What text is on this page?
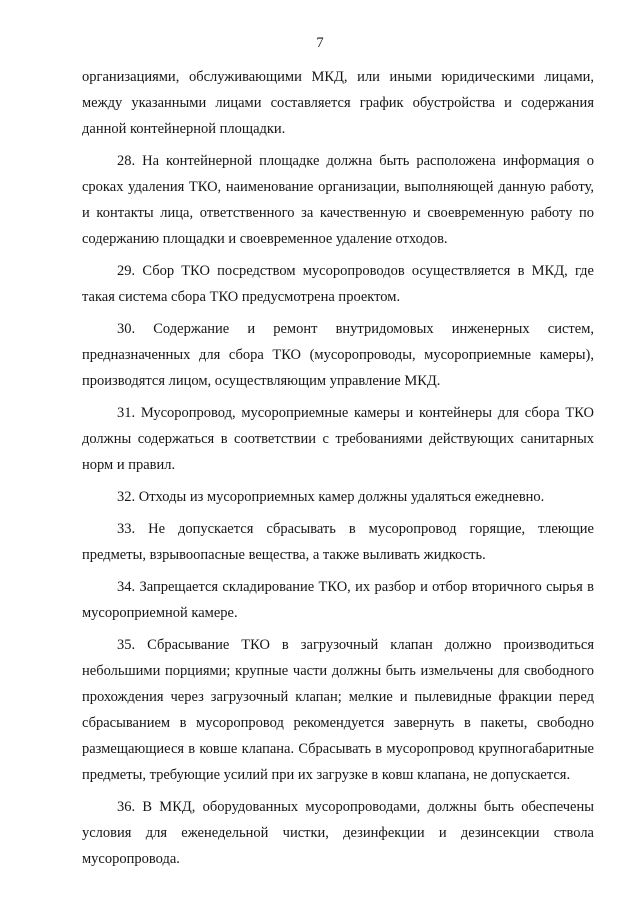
7

организациями, обслуживающими МКД, или иными юридическими лицами, между указанными лицами составляется график обустройства и содержания данной контейнерной площадки.

28. На контейнерной площадке должна быть расположена информация о сроках удаления ТКО, наименование организации, выполняющей данную работу, и контакты лица, ответственного за качественную и своевременную работу по содержанию площадки и своевременное удаление отходов.

29. Сбор ТКО посредством мусоропроводов осуществляется в МКД, где такая система сбора ТКО предусмотрена проектом.

30. Содержание и ремонт внутридомовых инженерных систем, предназначенных для сбора ТКО (мусоропроводы, мусороприемные камеры), производятся лицом, осуществляющим управление МКД.

31. Мусоропровод, мусороприемные камеры и контейнеры для сбора ТКО должны содержаться в соответствии с требованиями действующих санитарных норм и правил.

32. Отходы из мусороприемных камер должны удаляться ежедневно.

33. Не допускается сбрасывать в мусоропровод горящие, тлеющие предметы, взрывоопасные вещества, а также выливать жидкость.

34. Запрещается складирование ТКО, их разбор и отбор вторичного сырья в мусороприемной камере.

35. Сбрасывание ТКО в загрузочный клапан должно производиться небольшими порциями; крупные части должны быть измельчены для свободного прохождения через загрузочный клапан; мелкие и пылевидные фракции перед сбрасыванием в мусоропровод рекомендуется завернуть в пакеты, свободно размещающиеся в ковше клапана. Сбрасывать в мусоропровод крупногабаритные предметы, требующие усилий при их загрузке в ковш клапана, не допускается.

36. В МКД, оборудованных мусоропроводами, должны быть обеспечены условия для еженедельной чистки, дезинфекции и дезинсекции ствола мусоропровода.
